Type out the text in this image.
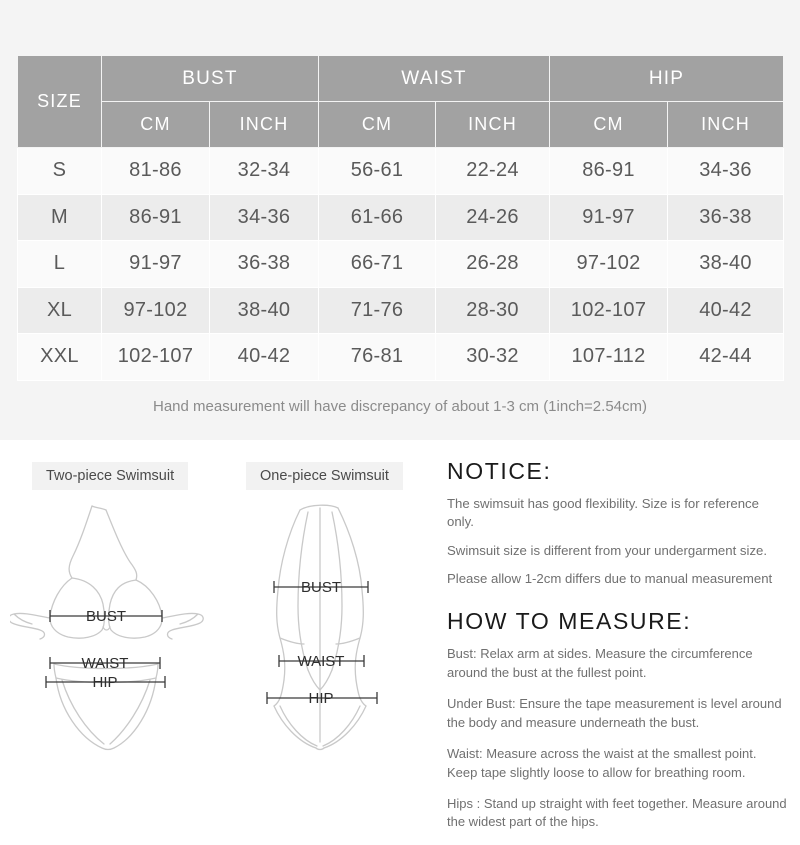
SIZE	BUST		WAIST		HIP	
	CM	INCH	CM	INCH	CM	INCH
S	81-86	32-34	56-61	22-24	86-91	34-36
M	86-91	34-36	61-66	24-26	91-97	36-38
L	91-97	36-38	66-71	26-28	97-102	38-40
XL	97-102	38-40	71-76	28-30	102-107	40-42
XXL	102-107	40-42	76-81	30-32	107-112	42-44
Hand measurement will have discrepancy of about 1-3 cm (1inch=2.54cm)
Two-piece Swimsuit
BUST
WAIST
HIP
One-piece Swimsuit
BUST
WAIST
HIP
NOTICE:
The swimsuit has good flexibility. Size is for reference only.
Swimsuit size is different from your undergarment size.
Please allow 1-2cm differs due to manual measurement
HOW TO MEASURE:
Bust: Relax arm at sides. Measure the circumference around the bust at the fullest point.
Under Bust: Ensure the tape measurement is level around the body and measure underneath the bust.
Waist: Measure across the waist at the smallest point. Keep tape slightly loose to allow for breathing room.
Hips : Stand up straight with feet together. Measure around the widest part of the hips.
